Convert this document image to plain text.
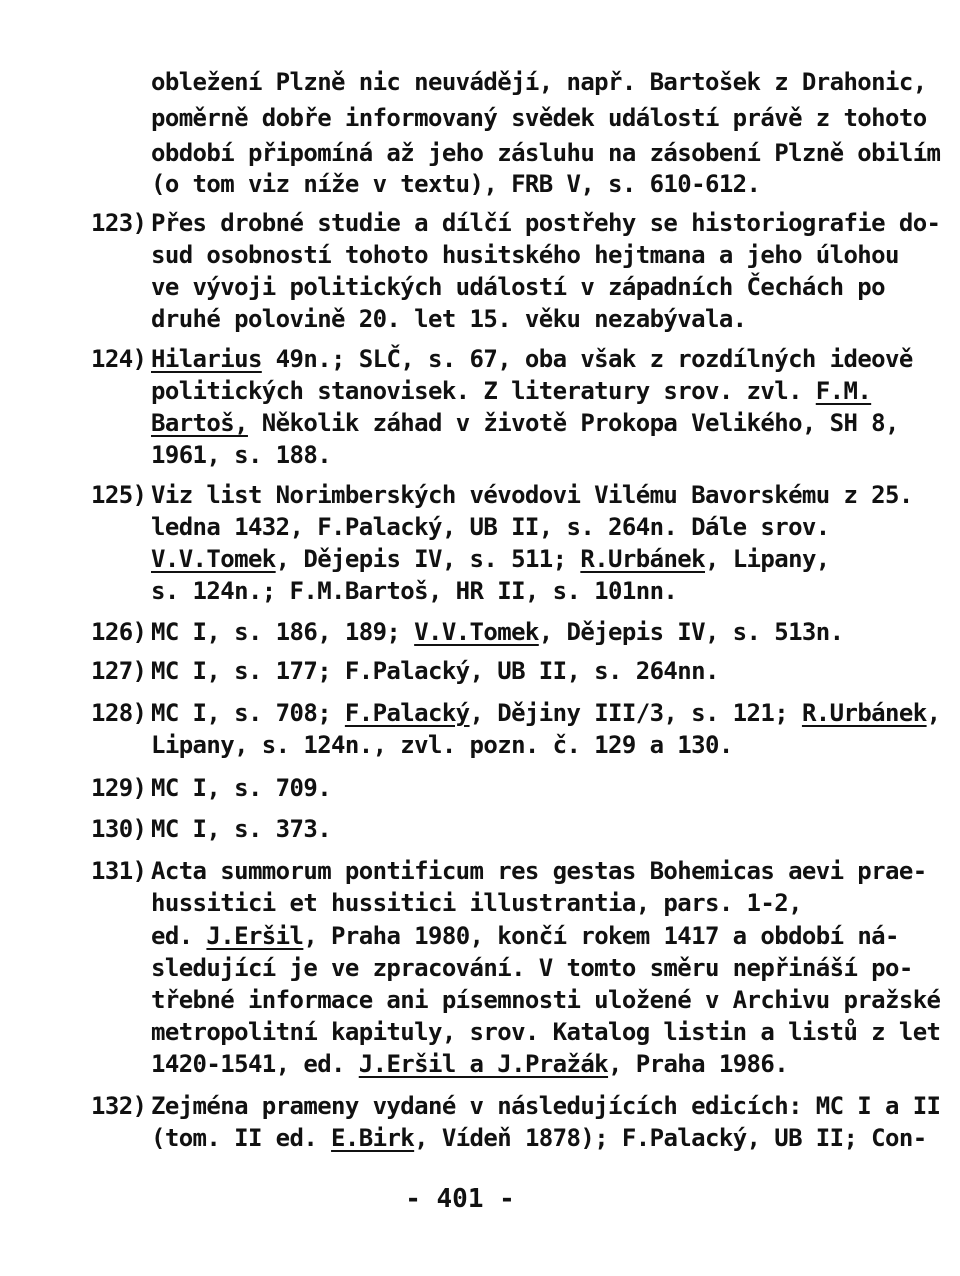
obležení Plzně nic neuvádějí, např. Bartošek z Drahonic,
poměrně dobře informovaný svědek událostí právě z tohoto
období připomíná až jeho zásluhu na zásobení Plzně obilím
(o tom viz níže v textu), FRB V, s. 610-612.
123) Přes drobné studie a dílčí postřehy se historiografie do-
sud osobností tohoto husitského hejtmana a jeho úlohou
ve vývoji politických událostí v západních Čechách po
druhé polovině 20. let 15. věku nezabývala.
124) Hilarius 49n.; SLČ, s. 67, oba však z rozdílných ideově
politických stanovisek. Z literatury srov. zvl. F.M.
Bartoš, Několik záhad v životě Prokopa Velikého, SH 8,
1961, s. 188.
125) Viz list Norimberských vévodovi Vilému Bavorskému z 25.
ledna 1432, F.Palacký, UB II, s. 264n. Dále srov.
V.V.Tomek, Dějepis IV, s. 511; R.Urbánek, Lipany,
s. 124n.; F.M.Bartoš, HR II, s. 101nn.
126) MC I, s. 186, 189; V.V.Tomek, Dějepis IV, s. 513n.
127) MC I, s. 177; F.Palacký, UB II, s. 264nn.
128) MC I, s. 708; F.Palacký, Dějiny III/3, s. 121; R.Urbánek,
Lipany, s. 124n., zvl. pozn. č. 129 a 130.
129) MC I, s. 709.
130) MC I, s. 373.
131) Acta summorum pontificum res gestas Bohemicas aevi prae-
hussitici et hussitici illustrantia, pars. 1-2,
ed. J.Eršil, Praha 1980, končí rokem 1417 a období ná-
sledující je ve zpracování. V tomto směru nepřináší po-
třebné informace ani písemnosti uložené v Archivu pražské
metropolitní kapituly, srov. Katalog listin a listů z let
1420-1541, ed. J.Eršil a J.Pražák, Praha 1986.
132) Zejména prameny vydané v následujících edicích: MC I a II
(tom. II ed. E.Birk, Vídeň 1878); F.Palacký, UB II; Con-
- 401 -
